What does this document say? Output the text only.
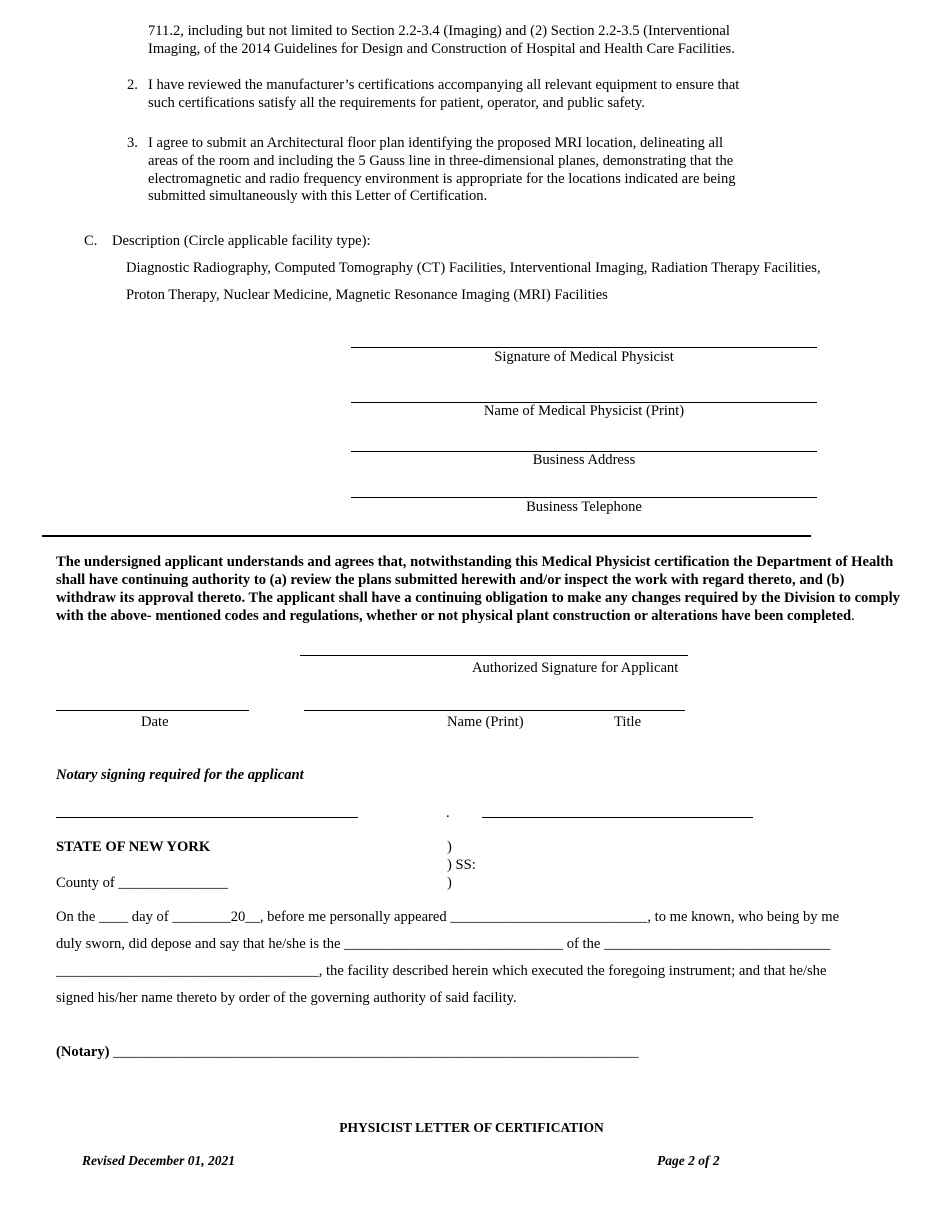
711.2, including but not limited to Section 2.2-3.4 (Imaging) and (2) Section 2.2-3.5 (Interventional
Imaging, of the 2014 Guidelines for Design and Construction of Hospital and Health Care Facilities.
2. I have reviewed the manufacturer’s certifications accompanying all relevant equipment to ensure that
such certifications satisfy all the requirements for patient, operator, and public safety.
3. I agree to submit an Architectural floor plan identifying the proposed MRI location, delineating all
areas of the room and including the 5 Gauss line in three-dimensional planes, demonstrating that the
electromagnetic and radio frequency environment is appropriate for the locations indicated are being
submitted simultaneously with this Letter of Certification.
C. Description (Circle applicable facility type):
Diagnostic Radiography, Computed Tomography (CT) Facilities, Interventional Imaging, Radiation Therapy Facilities,
Proton Therapy, Nuclear Medicine, Magnetic Resonance Imaging (MRI) Facilities
Signature of Medical Physicist
Name of Medical Physicist (Print)
Business Address
Business Telephone
The undersigned applicant understands and agrees that, notwithstanding this Medical Physicist certification the Department of Health shall have continuing authority to (a) review the plans submitted herewith and/or inspect the work with regard thereto, and (b) withdraw its approval thereto. The applicant shall have a continuing obligation to make any changes required by the Division to comply with the above- mentioned codes and regulations, whether or not physical plant construction or alterations have been completed.
Authorized Signature for Applicant
Date	Name (Print)	Title
Notary signing required for the applicant
.
STATE OF NEW YORK	)
) SS:
County of _______________	)
On the ____ day of ________20__, before me personally appeared ___________________________, to me known, who being by me
duly sworn, did depose and say that he/she is the ______________________________ of the _______________________________
____________________________________, the facility described herein which executed the foregoing instrument; and that he/she
signed his/her name thereto by order of the governing authority of said facility.
(Notary) ________________________________________________________________________
PHYSICIST LETTER OF CERTIFICATION
Revised December 01, 2021	Page 2 of 2
